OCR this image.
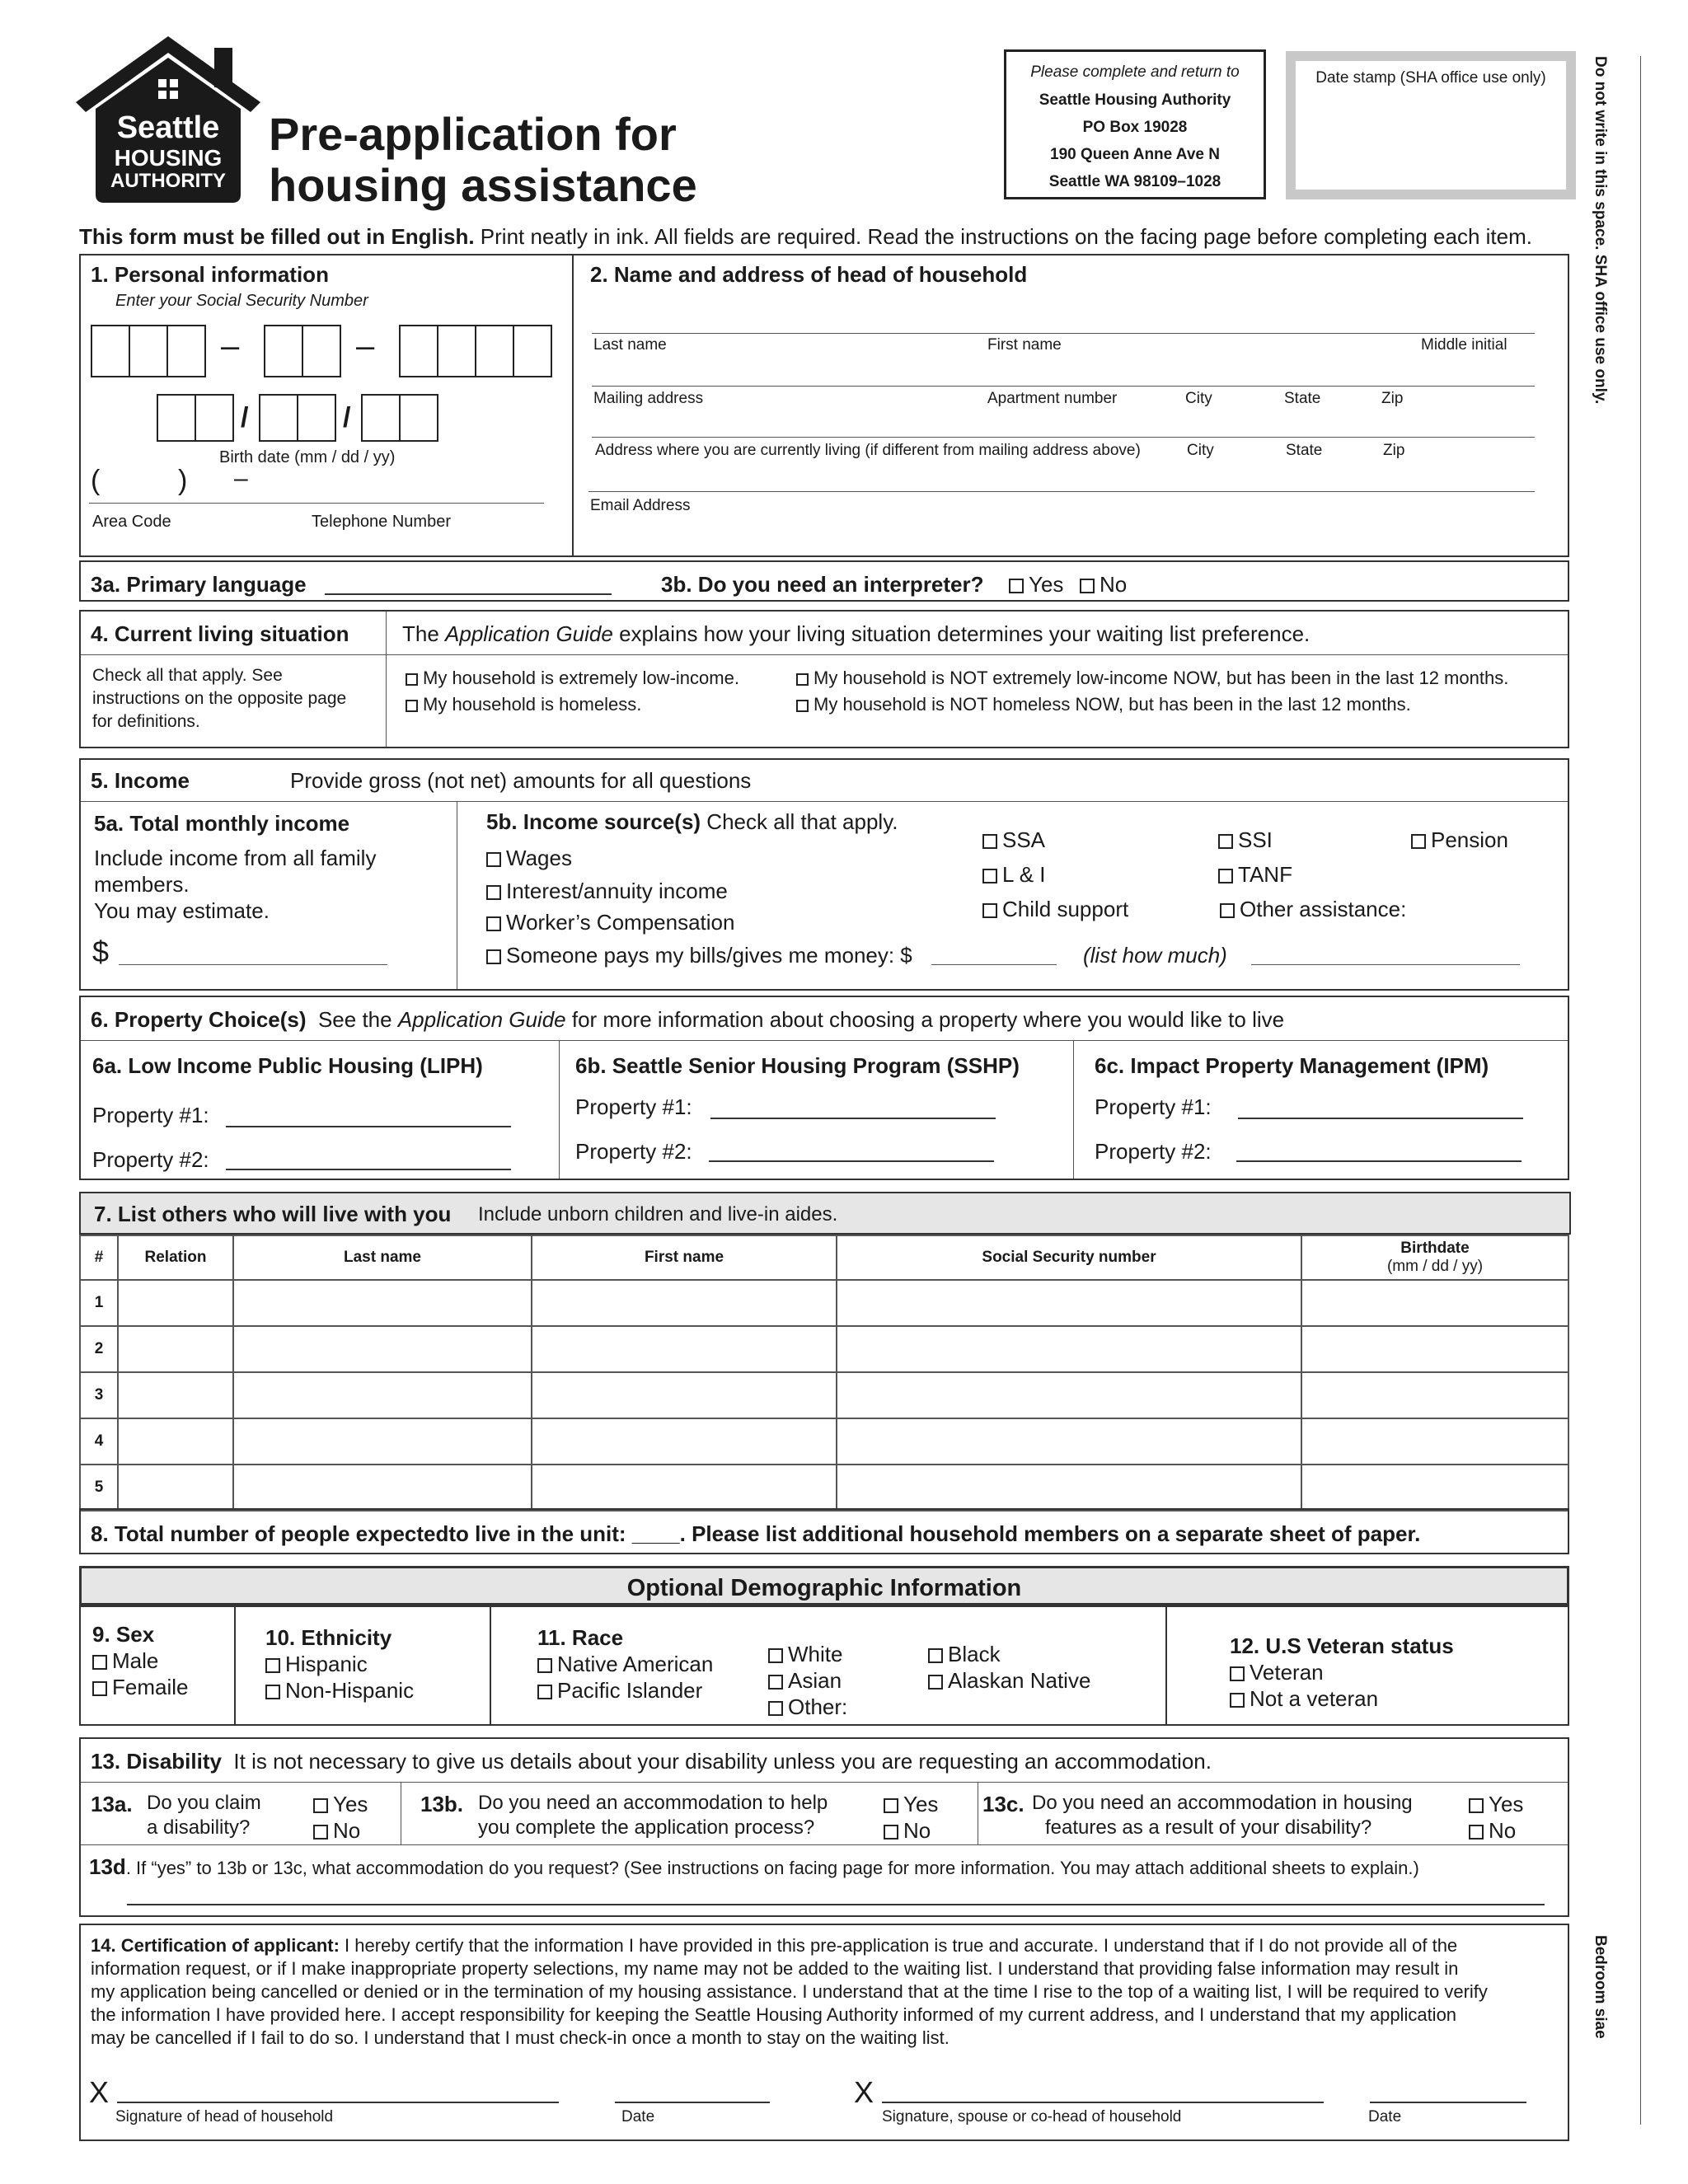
Seattle
HOUSING
AUTHORITY
Pre-application for
housing assistance
Please complete and return to
Seattle Housing Authority
PO Box 19028
190 Queen Anne Ave N
Seattle WA 98109–1028
Date stamp (SHA office use only)	Do not write in this space. SHA office use only.
Bedroom siae
This form must be filled out in English. Print neatly in ink. All fields are required. Read the instructions on the facing page before completing each item.
1. Personal information
Enter your Social Security Number
–	–
/	/
Birth date (mm / dd / yy)
(	) –
Area Code	Telephone Number
2. Name and address of head of household
Last name	First name	Middle initial
Mailing address	Apartment number	City	State	Zip
Address where you are currently living (if different from mailing address above)	City	State	Zip
Email Address
3a. Primary language	3b. Do you need an interpreter?	Yes	No
4. Current living situation The Application Guide explains how your living situation determines your waiting list preference.
Check all that apply. See
instructions on the opposite page
for definitions.
My household is extremely low-income.
My household is homeless.
My household is NOT extremely low-income NOW, but has been in the last 12 months.
My household is NOT homeless NOW, but has been in the last 12 months.
5. Income	Provide gross (not net) amounts for all questions
5a. Total monthly income
Include income from all family
members.
You may estimate.
$
5b. Income source(s) Check all that apply.
Wages
Interest/annuity income
Worker’s Compensation
Someone pays my bills/gives me money: $	(list how much)
SSA
L & I
Child support
SSI
TANF
Other assistance:
Pension
6. Property Choice(s) See the Application Guide for more information about choosing a property where you would like to live
6a. Low Income Public Housing (LIPH)
Property #1:
Property #2:
6b. Seattle Senior Housing Program (SSHP)
Property #1:
Property #2:
6c. Impact Property Management (IPM)
Property #1:
Property #2:
7. List others who will live with you Include unborn children and live-in aides.
#	Relation	Last name	First name	Social Security number	Birthdate
(mm / dd / yy)

1					
2					
3					
4					
5					
8. Total number of people expectedto live in the unit: ____. Please list additional household members on a separate sheet of paper.
Optional Demographic Information
9. Sex
Male
Femaile
10. Ethnicity
Hispanic
Non-Hispanic
11. Race
Native American
Pacific Islander
White
Asian
Other:
Black
Alaskan Native
12. U.S Veteran status
Veteran
Not a veteran
13. Disability It is not necessary to give us details about your disability unless you are requesting an accommodation.
13a. Do you claim
a disability?
Yes
No
13b. Do you need an accommodation to help
you complete the application process?
Yes
No
13c. Do you need an accommodation in housing
features as a result of your disability?
Yes
No
13d. If “yes” to 13b or 13c, what accommodation do you request? (See instructions on facing page for more information. You may attach additional sheets to explain.)
14. Certification of applicant: I hereby certify that the information I have provided in this pre-application is true and accurate. I understand that if I do not provide all of the
information request, or if I make inappropriate property selections, my name may not be added to the waiting list. I understand that providing false information may result in
my application being cancelled or denied or in the termination of my housing assistance. I understand that at the time I rise to the top of a waiting list, I will be required to verify
the information I have provided here. I accept responsibility for keeping the Seattle Housing Authority informed of my current address, and I understand that my application
may be cancelled if I fail to do so. I understand that I must check-in once a month to stay on the waiting list.
X
Signature of head of household	Date
X
Signature, spouse or co-head of household	Date
